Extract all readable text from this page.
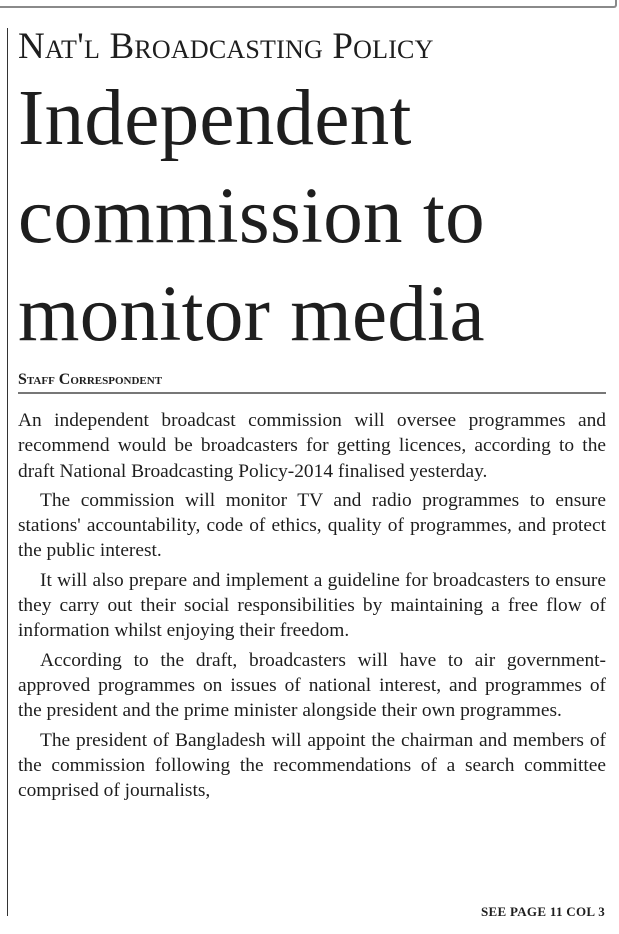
Nat'l Broadcasting Policy
Independent
commission to
monitor media
Staff Correspondent

An independent broadcast commission will oversee programmes and recommend would be broadcasters for getting licences, according to the draft National Broadcasting Policy-2014 finalised yesterday.

The commission will monitor TV and radio programmes to ensure stations' accountability, code of ethics, quality of programmes, and protect the public interest.

It will also prepare and implement a guideline for broadcasters to ensure they carry out their social responsibilities by maintaining a free flow of information whilst enjoying their freedom.

According to the draft, broadcasters will have to air government-approved programmes on issues of national interest, and programmes of the president and the prime minister alongside their own programmes.

The president of Bangladesh will appoint the chairman and members of the commission following the recommendations of a search committee comprised of journalists,

SEE PAGE 11 COL 3
